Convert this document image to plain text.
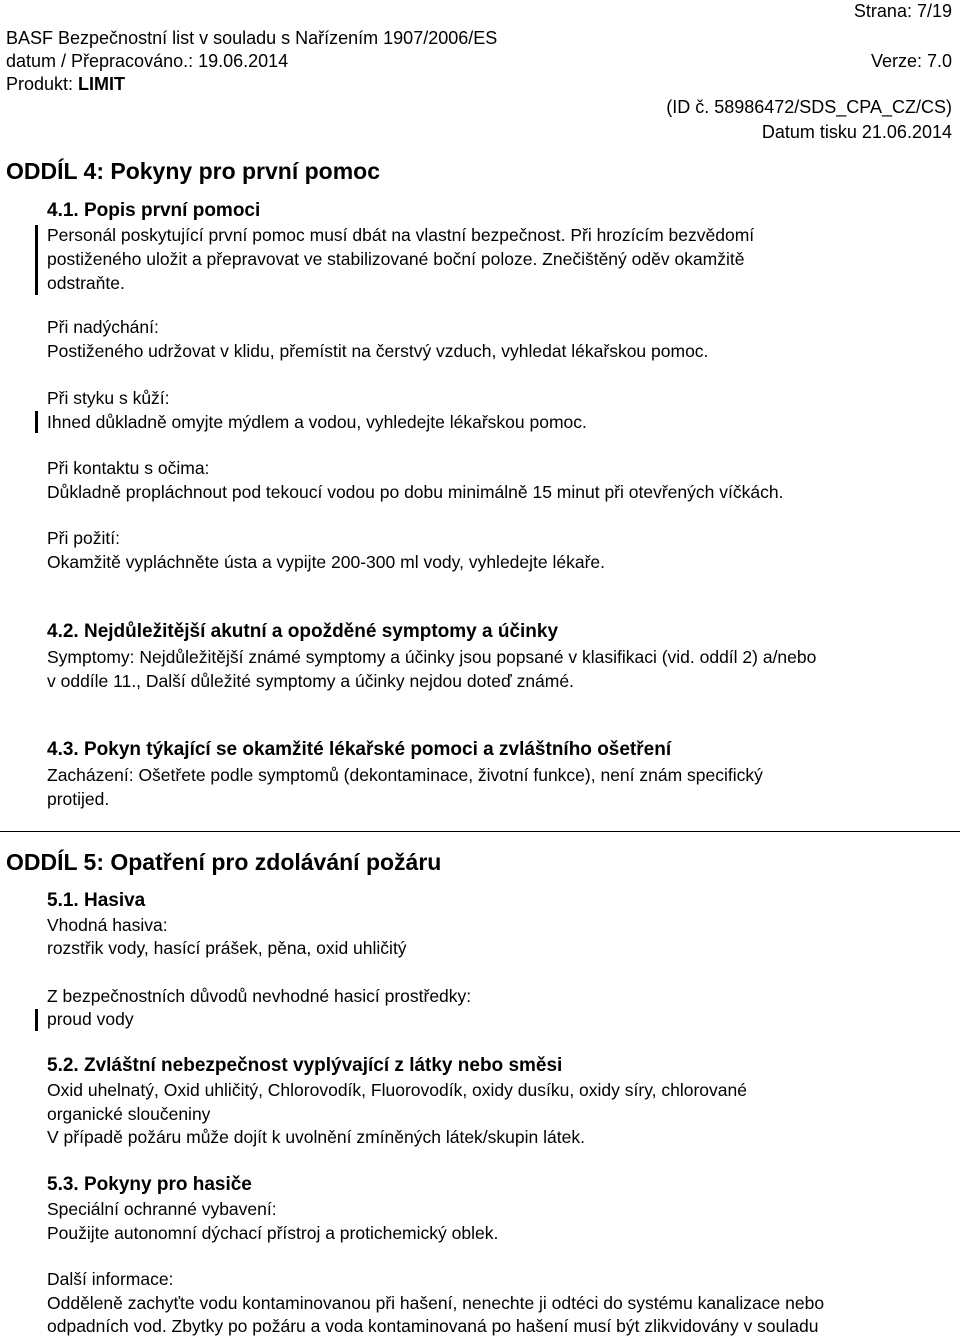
Strana: 7/19
BASF Bezpečnostní list v souladu s Nařízením 1907/2006/ES
datum / Přepracováno.: 19.06.2014	Verze: 7.0
Produkt: LIMIT
(ID č. 58986472/SDS_CPA_CZ/CS)
Datum tisku 21.06.2014
ODDÍL 4: Pokyny pro první pomoc
4.1. Popis první pomoci
Personál poskytující první pomoc musí dbát na vlastní bezpečnost. Při hrozícím bezvědomí
postiženého uložit a přepravovat ve stabilizované boční poloze. Znečištěný oděv okamžitě
odstraňte.
Při nadýchání:
Postiženého udržovat v klidu, přemístit na čerstvý vzduch, vyhledat lékařskou pomoc.
Při styku s kůží:
Ihned důkladně omyjte mýdlem a vodou, vyhledejte lékařskou pomoc.
Při kontaktu s očima:
Důkladně propláchnout pod tekoucí vodou po dobu minimálně 15 minut při otevřených víčkách.
Při požití:
Okamžitě vypláchněte ústa a vypijte 200-300 ml vody, vyhledejte lékaře.
4.2. Nejdůležitější akutní a opožděné symptomy a účinky
Symptomy: Nejdůležitější známé symptomy a účinky jsou popsané v klasifikaci (vid. oddíl 2) a/nebo
v oddíle 11., Další důležité symptomy a účinky nejdou doteď známé.
4.3. Pokyn týkající se okamžité lékařské pomoci a zvláštního ošetření
Zacházení: Ošetřete podle symptomů (dekontaminace, životní funkce), není znám specifický
protijed.
ODDÍL 5: Opatření pro zdolávání požáru
5.1. Hasiva
Vhodná hasiva:
rozstřik vody, hasící prášek, pěna, oxid uhličitý
Z bezpečnostních důvodů nevhodné hasicí prostředky:
proud vody
5.2. Zvláštní nebezpečnost vyplývající z látky nebo směsi
Oxid uhelnatý, Oxid uhličitý, Chlorovodík, Fluorovodík, oxidy dusíku, oxidy síry, chlorované
organické sloučeniny
V případě požáru může dojít k uvolnění zmíněných látek/skupin látek.
5.3. Pokyny pro hasiče
Speciální ochranné vybavení:
Použijte autonomní dýchací přístroj a protichemický oblek.
Další informace:
Odděleně zachyťte vodu kontaminovanou při hašení, nenechte ji odtéci do systému kanalizace nebo
odpadních vod. Zbytky po požáru a voda kontaminovaná po hašení musí být zlikvidovány v souladu
